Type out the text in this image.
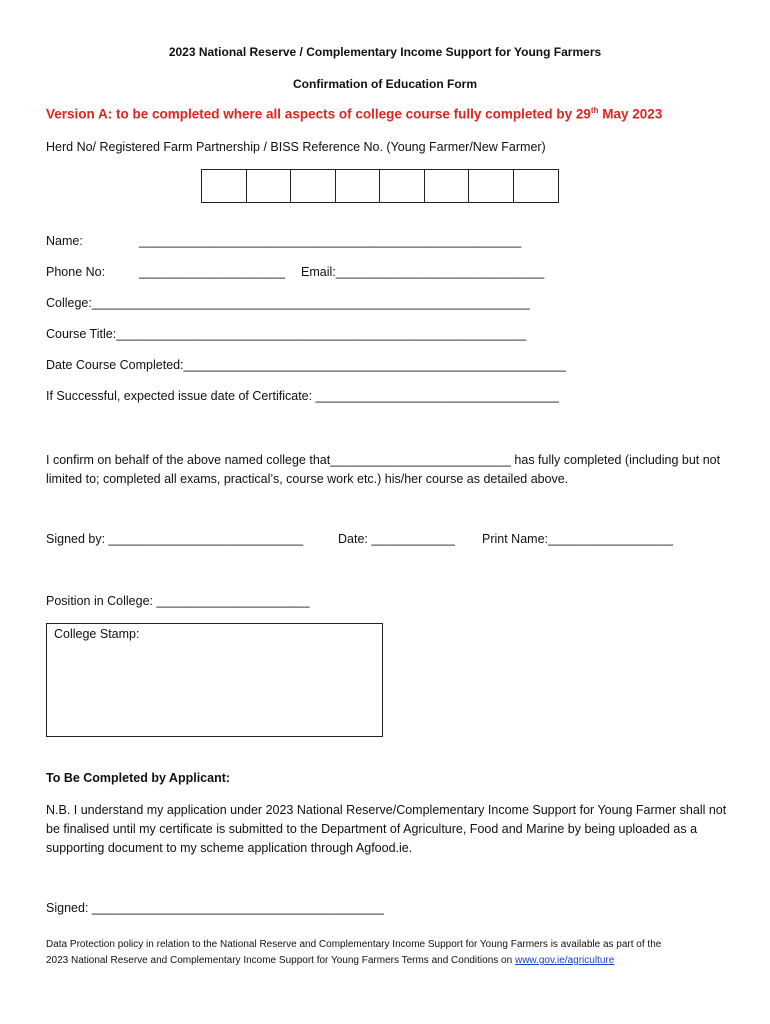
2023 National Reserve / Complementary Income Support for Young Farmers
Confirmation of Education Form
Version A: to be completed where all aspects of college course fully completed by 29th May 2023
Herd No/ Registered Farm Partnership / BISS Reference No. (Young Farmer/New Farmer)
Name:	_______________________________________________________
Phone No:	_____________________ Email:______________________________
College:_______________________________________________________________
Course Title:___________________________________________________________
Date Course Completed:_______________________________________________________
If Successful, expected issue date of Certificate: ___________________________________
I confirm on behalf of the above named college that__________________________ has fully completed (including but not limited to; completed all exams, practical’s, course work etc.) his/her course as detailed above.
Signed by: ____________________________	Date: ____________ Print Name:__________________
Position in College: ______________________
College Stamp:
To Be Completed by Applicant:
N.B. I understand my application under 2023 National Reserve/Complementary Income Support for Young Farmer shall not be finalised until my certificate is submitted to the Department of Agriculture, Food and Marine by being uploaded as a supporting document to my scheme application through Agfood.ie.
Signed: __________________________________________
Data Protection policy in relation to the National Reserve and Complementary Income Support for Young Farmers is available as part of the
2023 National Reserve and Complementary Income Support for Young Farmers Terms and Conditions on www.gov.ie/agriculture
